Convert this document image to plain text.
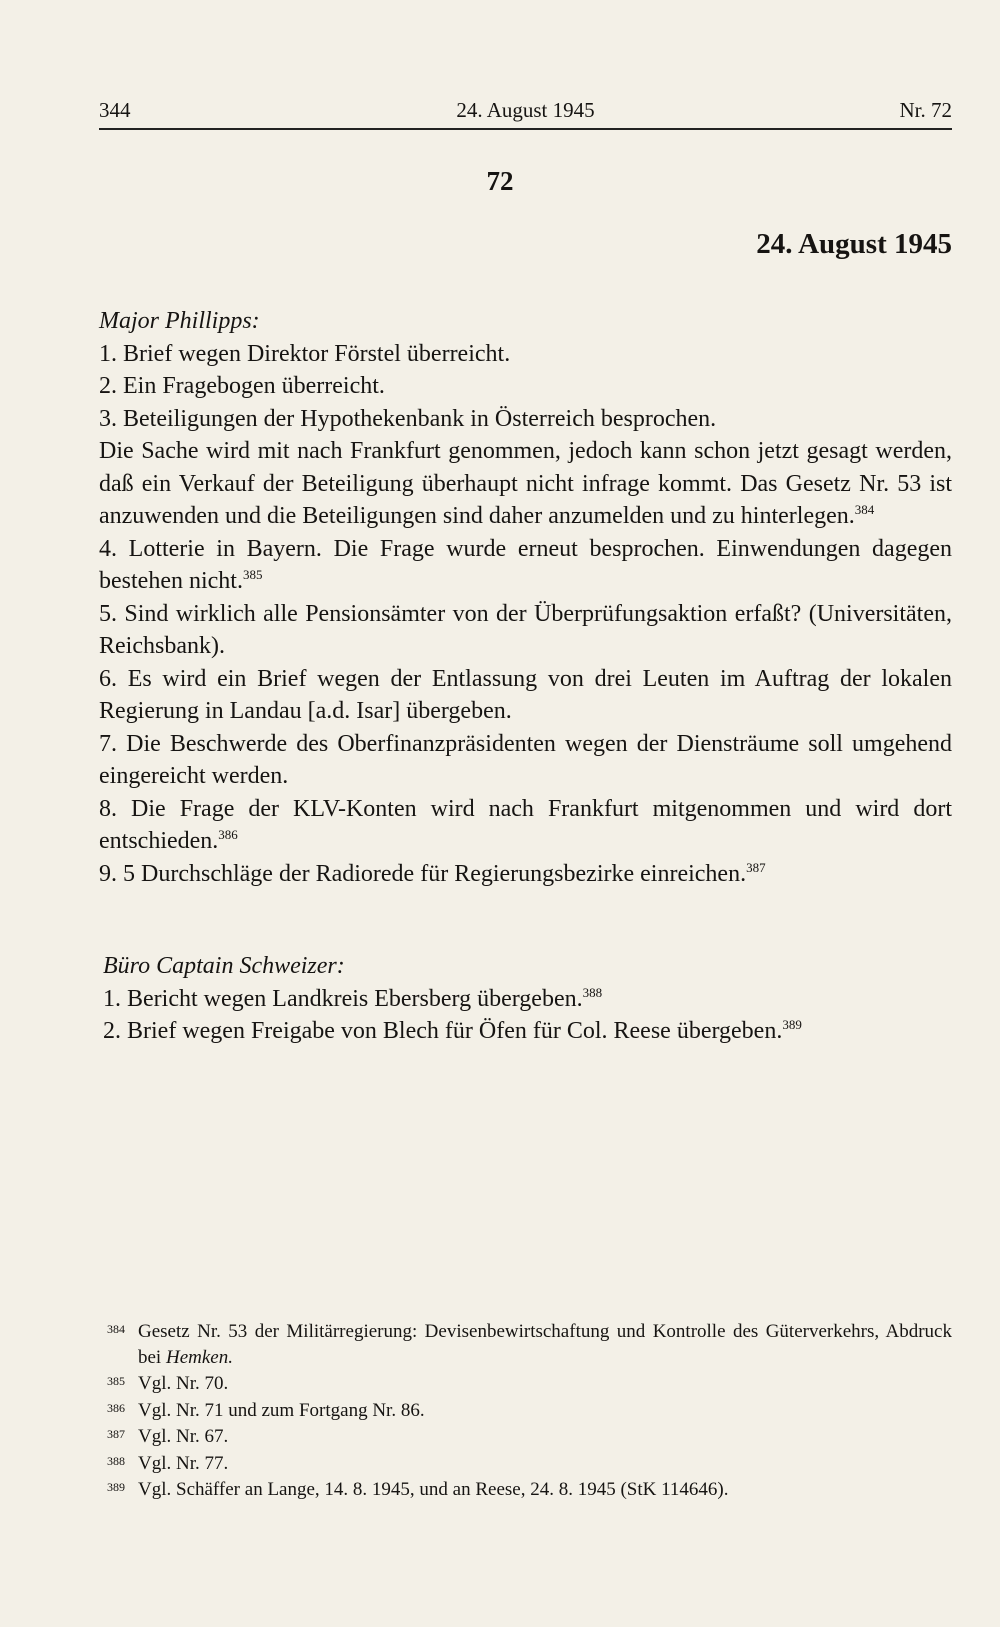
344	24. August 1945	Nr. 72
72
24. August 1945

Major Phillipps:

1. Brief wegen Direktor Förstel überreicht.

2. Ein Fragebogen überreicht.

3. Beteiligungen der Hypothekenbank in Österreich besprochen.

Die Sache wird mit nach Frankfurt genommen, jedoch kann schon jetzt gesagt werden, daß ein Verkauf der Beteiligung überhaupt nicht infrage kommt. Das Gesetz Nr. 53 ist anzuwenden und die Beteiligungen sind daher anzumelden und zu hinterlegen.$^{384}$

4. Lotterie in Bayern. Die Frage wurde erneut besprochen. Einwendungen dagegen bestehen nicht.$^{385}$

5. Sind wirklich alle Pensionsämter von der Überprüfungsaktion erfaßt? (Universitäten, Reichsbank).

6. Es wird ein Brief wegen der Entlassung von drei Leuten im Auftrag der lokalen Regierung in Landau [a.d. Isar] übergeben.

7. Die Beschwerde des Oberfinanzpräsidenten wegen der Diensträume soll umgehend eingereicht werden.

8. Die Frage der KLV-Konten wird nach Frankfurt mitgenommen und wird dort entschieden.$^{386}$

9. 5 Durchschläge der Radiorede für Regierungsbezirke einreichen.$^{387}$

Büro Captain Schweizer:

1. Bericht wegen Landkreis Ebersberg übergeben.$^{388}$

2. Brief wegen Freigabe von Blech für Öfen für Col. Reese übergeben.$^{389}$

384 Gesetz Nr. 53 der Militärregierung: Devisenbewirtschaftung und Kontrolle des Güterverkehrs, Abdruck bei Hemken.
385 Vgl. Nr. 70.
386 Vgl. Nr. 71 und zum Fortgang Nr. 86.
387 Vgl. Nr. 67.
388 Vgl. Nr. 77.
389 Vgl. Schäffer an Lange, 14. 8. 1945, und an Reese, 24. 8. 1945 (StK 114646).
